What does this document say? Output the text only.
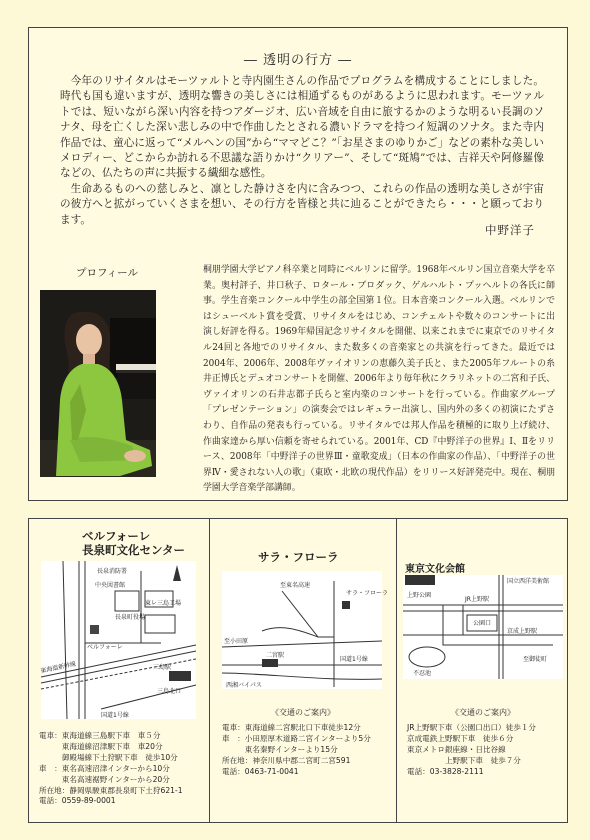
― 透明の行方 ―

今年のリサイタルはモーツァルトと寺内園生さんの作品でプログラムを構成することにしました。時代も国も違いますが、透明な響きの美しさには相通ずるものがあるように思われます。モーツァルトでは、短いながら深い内容を持つアダージオ、広い音域を自由に旅するかのような明るい長調のソナタ、母を亡くした深い悲しみの中で作曲したとされる濃いドラマを持つイ短調のソナタ。また寺内作品では、童心に返って“メルヘンの国”から“ママどこ？”「お星さまのゆりかご」などの素朴な美しいメロディー、どこからか訪れる不思議な語りかけ“クリアー”、そして“斑鳩”では、吉祥天や阿修羅像などの、仏たちの声に共振する繊細な感性。

生命あるものへの慈しみと、凛とした静けさを内に含みつつ、これらの作品の透明な美しさが宇宙の彼方へと拡がっていくさまを想い、その行方を皆様と共に辿ることができたら・・・と願っております。

中野洋子
プロフィール	桐朋学園大学ピアノ科卒業と同時にベルリンに留学。1968年ベルリン国立音楽大学を卒業。奥村評子、井口秋子、ロタール・ブロダック、ゲルハルト・プッヘルトの各氏に師事。学生音楽コンクール中学生の部全国第１位。日本音楽コンクール入選。ベルリンではシューベルト賞を受賞、リサイタルをはじめ、コンチェルトや数々のコンサートに出演し好評を得る。1969年帰国記念リサイタルを開催、以来これまでに東京でのリサイタル24回と各地でのリサイタル、また数多くの音楽家との共演を行ってきた。最近では2004年、2006年、2008年ヴァイオリンの恵藤久美子氏と、また2005年フルートの糸井正博氏とデュオコンサートを開催、2006年より毎年秋にクラリネットの二宮和子氏、ヴァイオリンの石井志都子氏らと室内楽のコンサートを行っている。作曲家グループ「プレゼンテーション」の演奏会ではレギュラー出演し、国内外の多くの初演にたずさわり、自作品の発表も行っている。リサイタルでは邦人作品を積極的に取り上げ続け、作曲家達から厚い信頼を寄せられている。2001年、CD『中野洋子の世界』Ⅰ、Ⅱをリリース、2008年「中野洋子の世界Ⅲ・童歌変成」（日本の作曲家の作品）、「中野洋子の世界Ⅳ・愛されない人の歌」（東欧・北欧の現代作品）をリリース好評発売中。現在、桐朋学園大学音楽学部講師。
ベルフォーレ
長泉町文化センター
長泉消防署
中央図書館
長泉町役場
東レ三島工場
ベルフォーレ
三島駅
三島北口
国道1号線
東海道新幹線
電車：東海道線三島駅下車　車５分
　　　東海道線沼津駅下車　車20分
　　　御殿場線下土狩駅下車　徒歩10分
車　：東名高速沼津インターから10分
　　　東名高速裾野インターから20分
所在地：静岡県駿東郡長泉町下土狩621-1
電話：0559-89-0001
サラ・フローラ
サラ・フローラ
至東名高速
二宮駅
西湘バイパス
国道1号線
至小田原
《交通のご案内》
電車：東海道線二宮駅北口下車徒歩12分
車　：小田原厚木道路二宮インターより5分
　　　東名秦野インターより15分
所在地：神奈川県中郡二宮町二宮591
電話：0463-71-0041
東京文化会館
JR上野駅
国立西洋美術館
上野公園
公園口
京成上野駅
不忍池
至御徒町
《交通のご案内》
JR上野駅下車（公園口出口）徒歩１分
京成電鉄上野駅下車　徒歩６分
東京メトロ銀座線・日比谷線
　　　　　上野駅下車　徒歩７分
電話：03-3828-2111
